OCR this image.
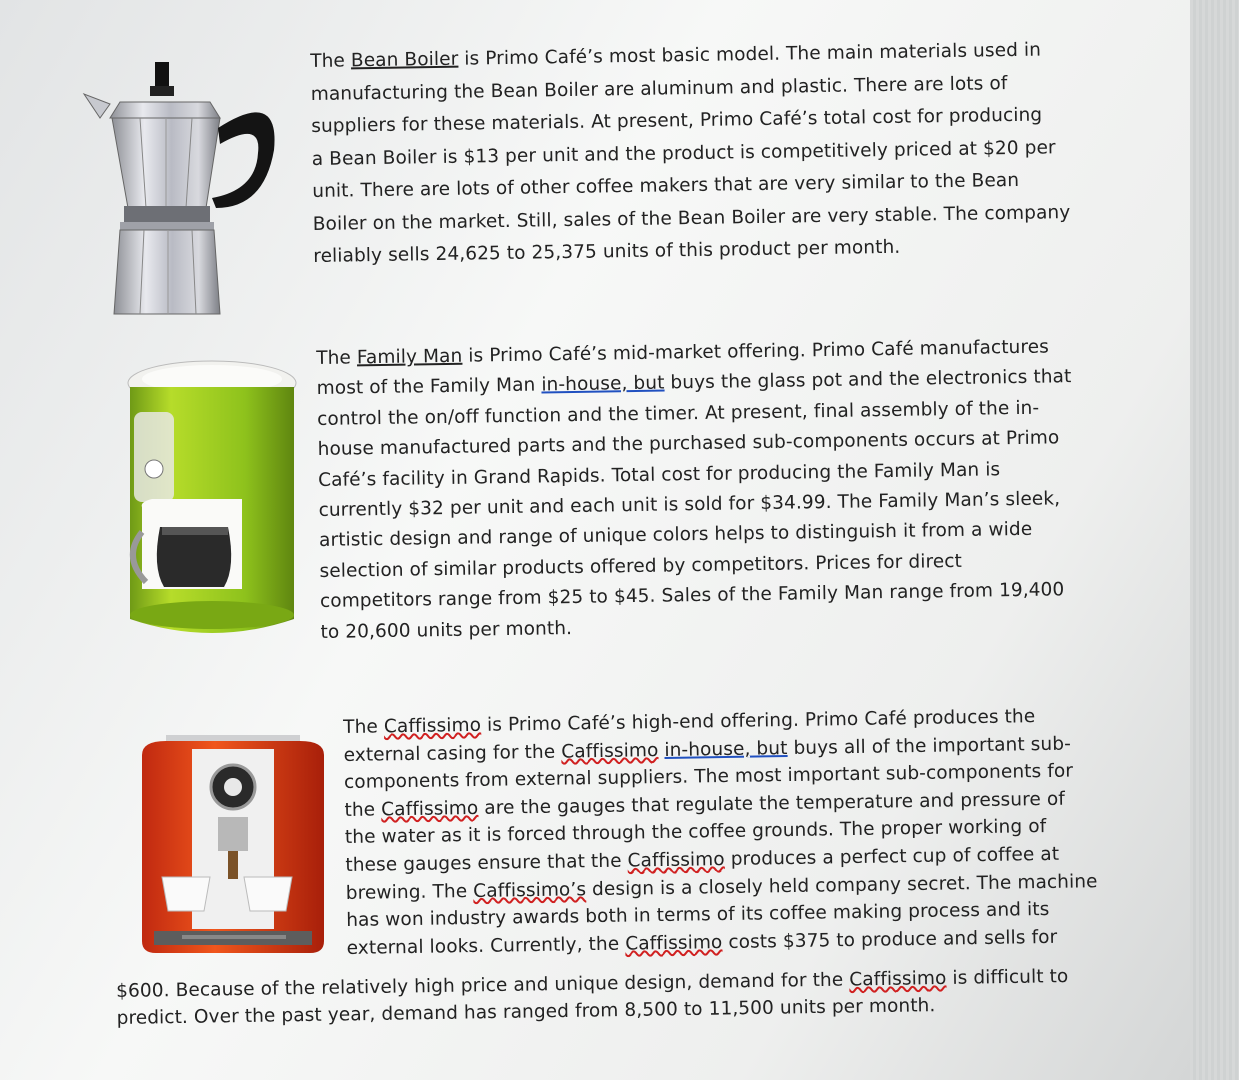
The Bean Boiler is Primo Café’s most basic model. The main materials used in
manufacturing the Bean Boiler are aluminum and plastic. There are lots of
suppliers for these materials. At present, Primo Café’s total cost for producing
a Bean Boiler is $13 per unit and the product is competitively priced at $20 per
unit. There are lots of other coffee makers that are very similar to the Bean
Boiler on the market. Still, sales of the Bean Boiler are very stable. The company
reliably sells 24,625 to 25,375 units of this product per month.
The Family Man is Primo Café’s mid-market offering. Primo Café manufactures
most of the Family Man in-house, but buys the glass pot and the electronics that
control the on/off function and the timer. At present, final assembly of the in-
house manufactured parts and the purchased sub-components occurs at Primo
Café’s facility in Grand Rapids. Total cost for producing the Family Man is
currently $32 per unit and each unit is sold for $34.99. The Family Man’s sleek,
artistic design and range of unique colors helps to distinguish it from a wide
selection of similar products offered by competitors. Prices for direct
competitors range from $25 to $45. Sales of the Family Man range from 19,400
to 20,600 units per month.
The Caffissimo is Primo Café’s high-end offering. Primo Café produces the
external casing for the Caffissimo in-house, but buys all of the important sub-
components from external suppliers. The most important sub-components for
the Caffissimo are the gauges that regulate the temperature and pressure of
the water as it is forced through the coffee grounds. The proper working of
these gauges ensure that the Caffissimo produces a perfect cup of coffee at
brewing. The Caffissimo’s design is a closely held company secret. The machine
has won industry awards both in terms of its coffee making process and its
external looks. Currently, the Caffissimo costs $375 to produce and sells for
$600. Because of the relatively high price and unique design, demand for the Caffissimo is difficult to
predict. Over the past year, demand has ranged from 8,500 to 11,500 units per month.
